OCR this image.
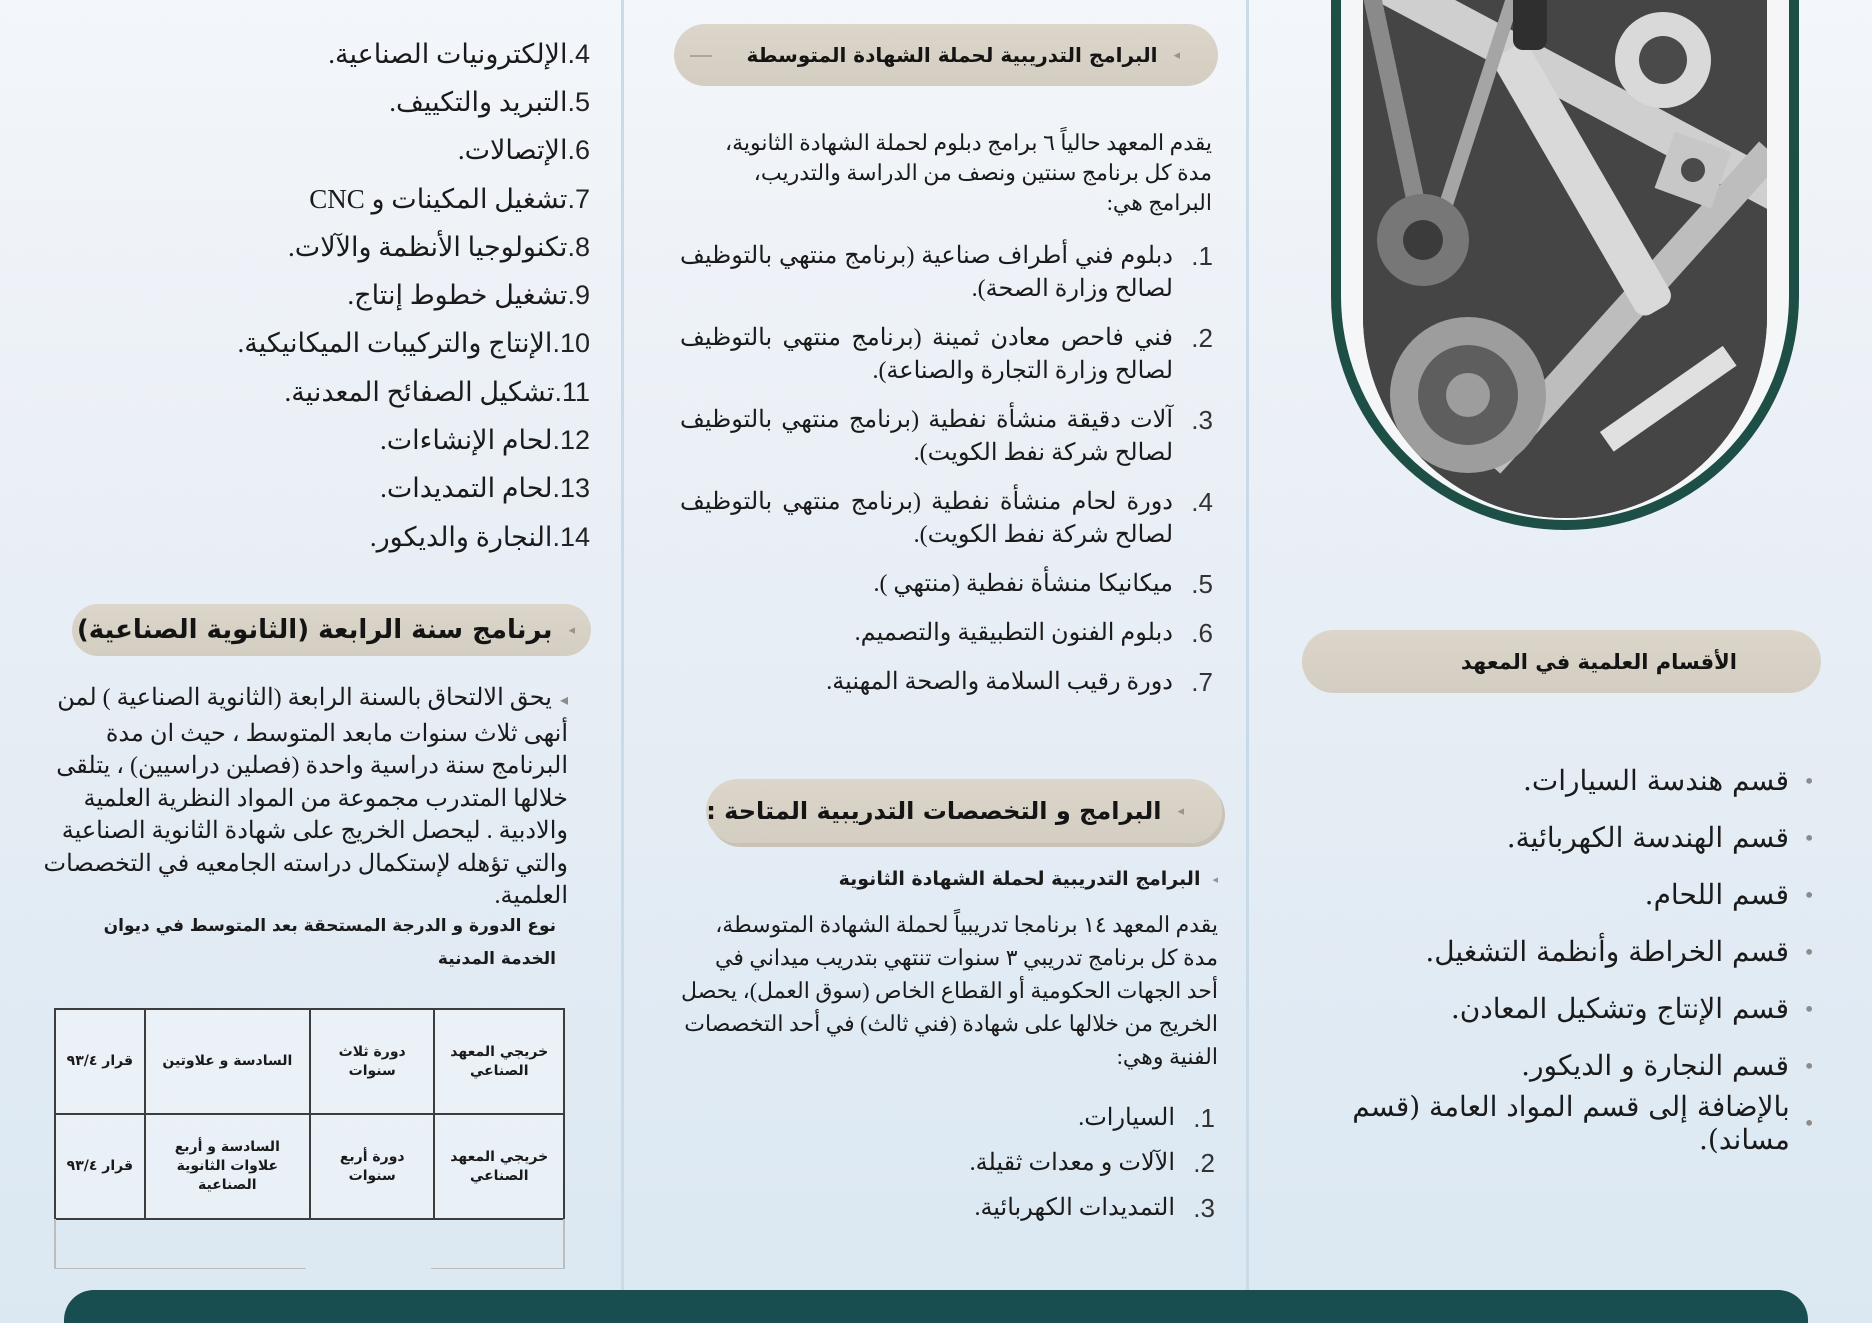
الأقسام العلمية في المعهد
•
قسم هندسة السيارات.
•
قسم الهندسة الكهربائية.
•
قسم اللحام.
•
قسم الخراطة وأنظمة التشغيل.
•
قسم الإنتاج وتشكيل المعادن.
•
قسم النجارة و الديكور.
•
بالإضافة إلى قسم المواد العامة (قسم مساند).
◂
البرامج التدريبية لحملة الشهادة المتوسطة
يقدم المعهد حالياً ٦ برامج دبلوم لحملة الشهادة الثانوية، مدة كل برنامج سنتين ونصف من الدراسة والتدريب، البرامج هي:
1.
دبلوم فني أطراف صناعية (برنامج منتهي بالتوظيف لصالح وزارة الصحة).
2.
فني فاحص معادن ثمينة (برنامج منتهي بالتوظيف لصالح وزارة التجارة والصناعة).
3.
آلات دقيقة منشأة نفطية (برنامج منتهي بالتوظيف لصالح شركة نفط الكويت).
4.
دورة لحام منشأة نفطية (برنامج منتهي بالتوظيف لصالح شركة نفط الكويت).
5.
ميكانيكا منشأة نفطية (منتهي ).
6.
دبلوم الفنون التطبيقية والتصميم.
7.
دورة رقيب السلامة والصحة المهنية.
◂
البرامج و التخصصات التدريبية المتاحة :
◂
البرامج التدريبية لحملة الشهادة الثانوية
يقدم المعهد ١٤ برنامجا تدريبياً لحملة الشهادة المتوسطة، مدة كل برنامج تدريبي ٣ سنوات تنتهي بتدريب ميداني في أحد الجهات الحكومية أو القطاع الخاص (سوق العمل)، يحصل الخريج من خلالها على شهادة (فني ثالث) في أحد التخصصات الفنية وهي:
1.
السيارات.
2.
الآلات و معدات ثقيلة.
3.
التمديدات الكهربائية.
4.
الإلكترونيات الصناعية.
5.
التبريد والتكييف.
6.
الإتصالات.
7.
تشغيل المكينات و CNC
8.
تكنولوجيا الأنظمة والآلات.
9.
تشغيل خطوط إنتاج.
10.
الإنتاج والتركيبات الميكانيكية.
11.
تشكيل الصفائح المعدنية.
12.
لحام الإنشاءات.
13.
لحام التمديدات.
14.
النجارة والديكور.
◂
برنامج سنة الرابعة (الثانوية الصناعية)
◂يحق الالتحاق بالسنة الرابعة (الثانوية الصناعية ) لمن أنهى ثلاث سنوات مابعد المتوسط ، حيث ان مدة البرنامج سنة دراسية واحدة (فصلين دراسيين) ، يتلقى خلالها المتدرب مجموعة من المواد النظرية العلمية والادبية . ليحصل الخريج على شهادة الثانوية الصناعية والتي تؤهله لإستكمال دراسته الجامعيه في التخصصات العلمية.
نوع الدورة و الدرجة المستحقة بعد المتوسط في ديوان الخدمة المدنية
خريجي المعهد الصناعي	دورة ثلاث سنوات	السادسة و علاوتين	قرار ٩٣/٤
خريجي المعهد الصناعي	دورة أربع سنوات	السادسة و أربع علاوات الثانوية الصناعية	قرار ٩٣/٤
